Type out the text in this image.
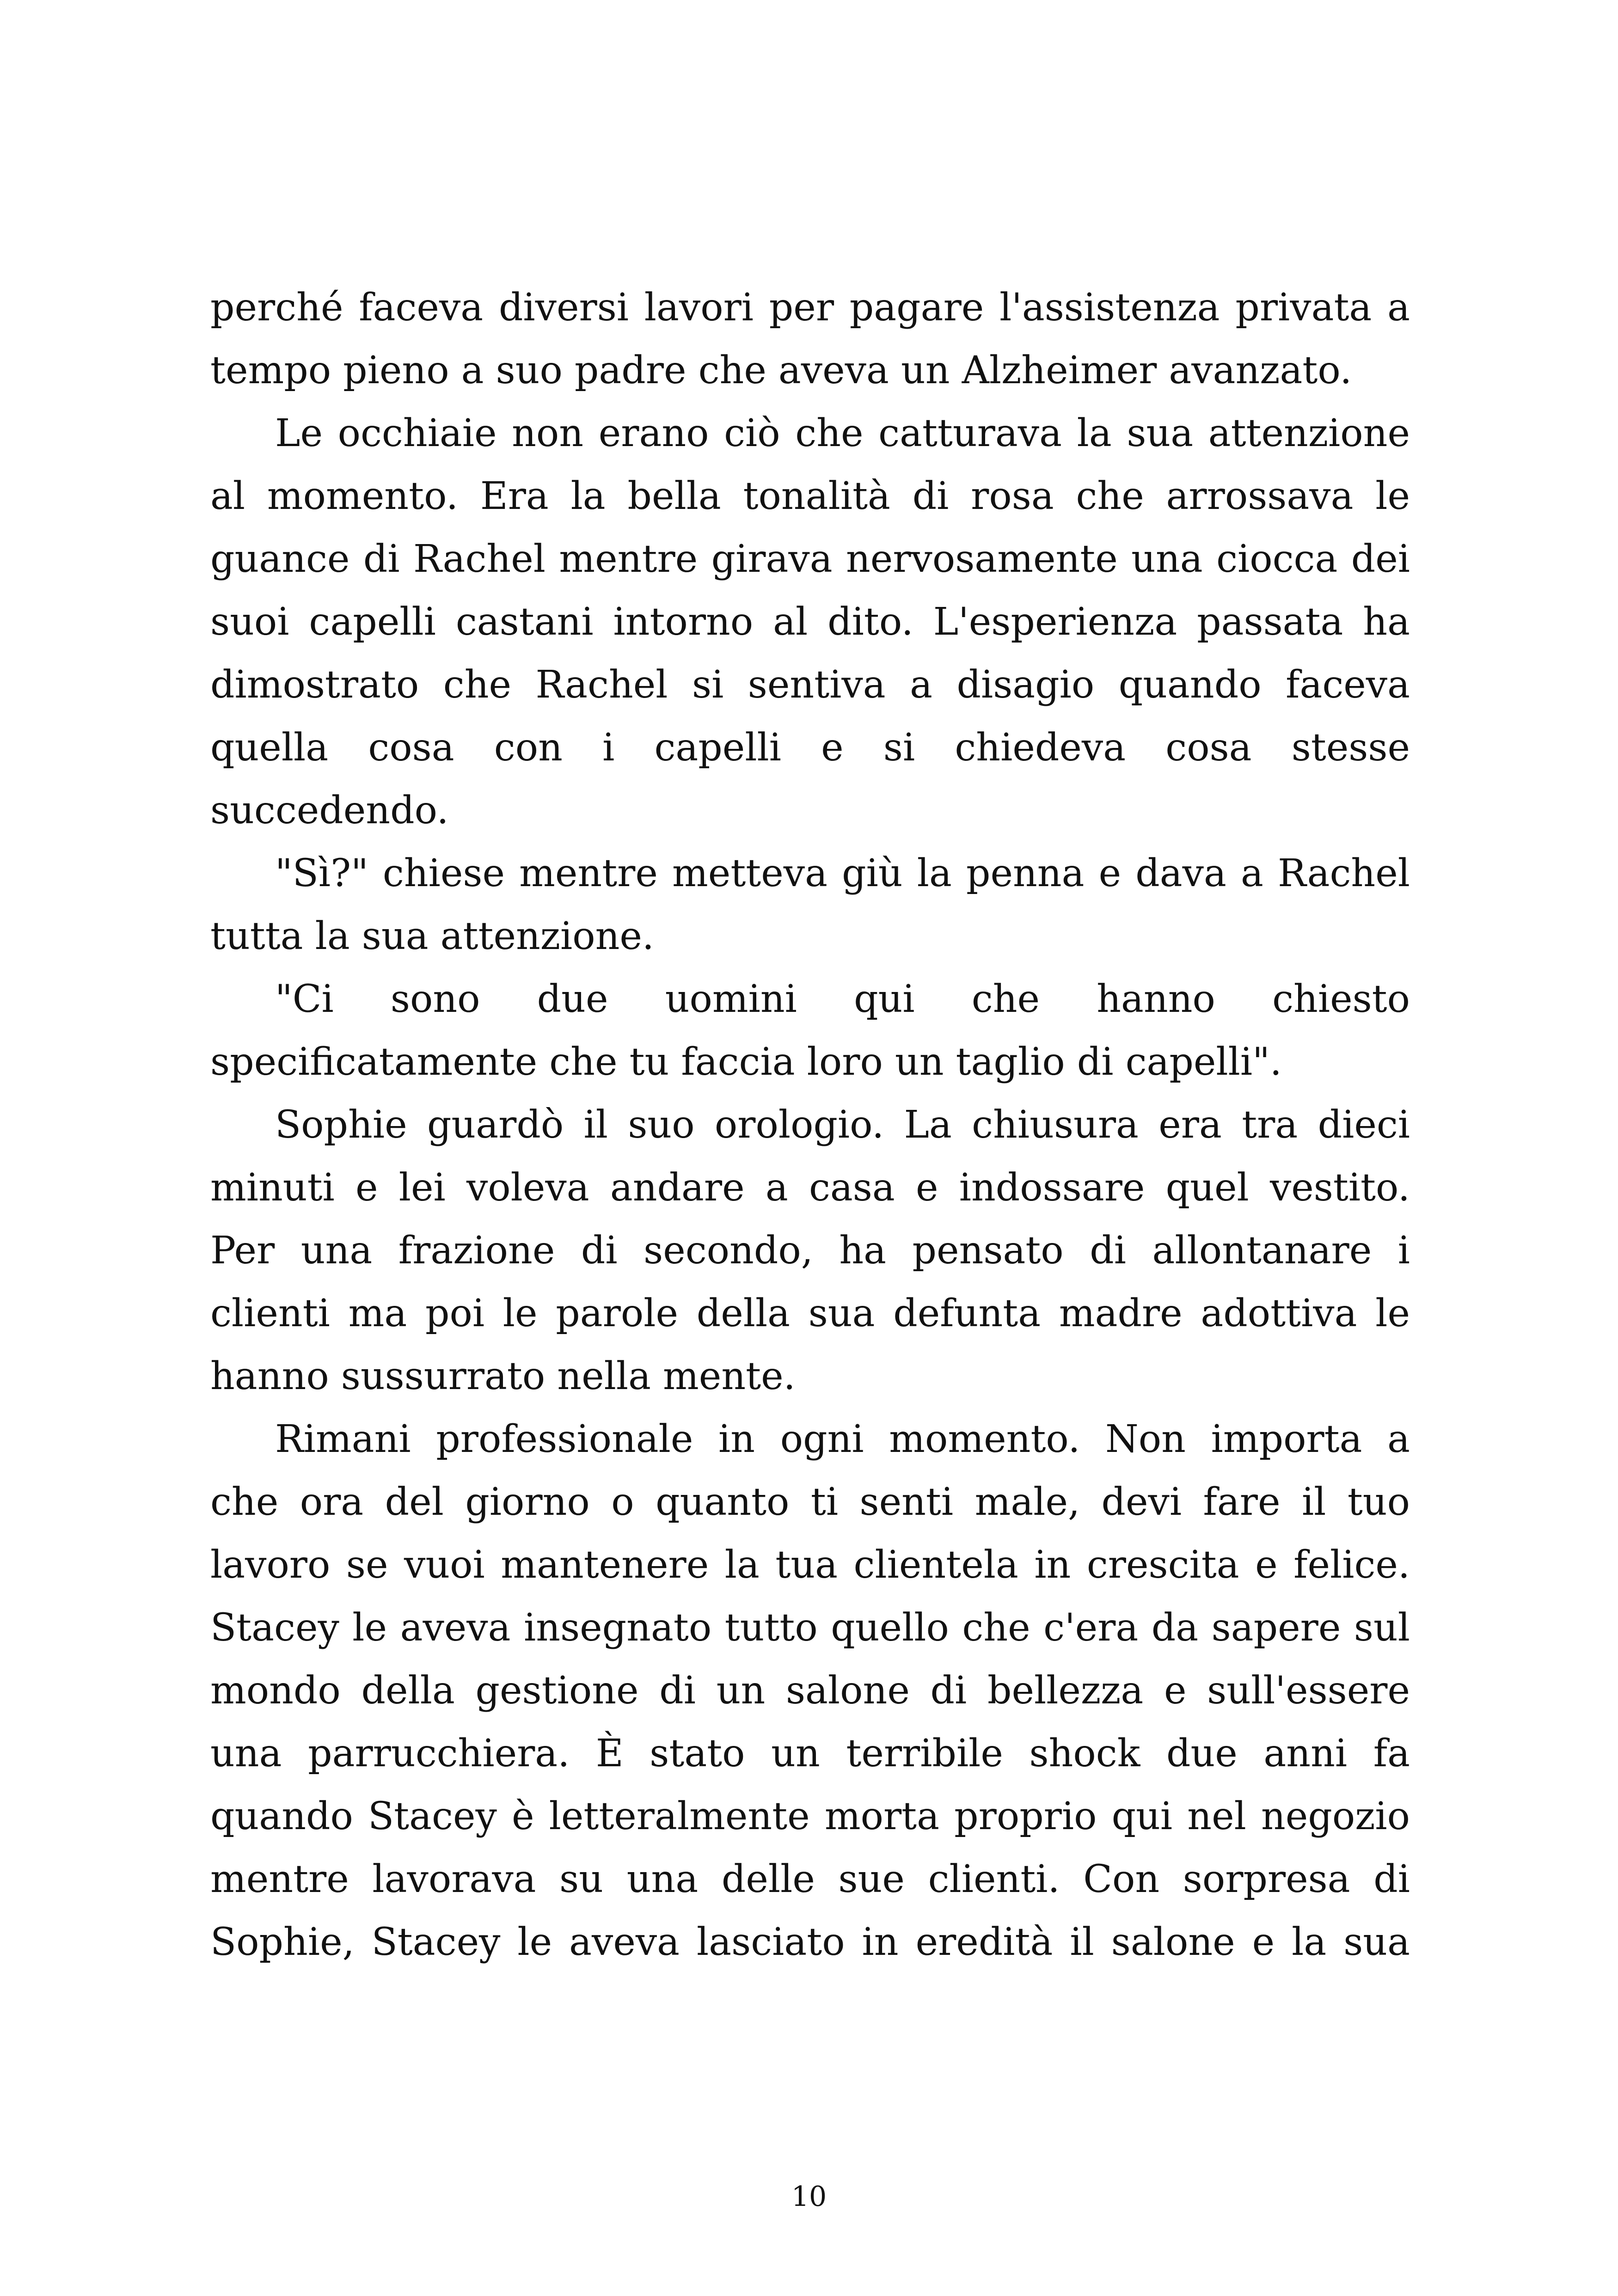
perché faceva diversi lavori per pagare l'assistenza privata a
tempo pieno a suo padre che aveva un Alzheimer avanzato.
Le occhiaie non erano ciò che catturava la sua attenzione
al momento. Era la bella tonalità di rosa che arrossava le
guance di Rachel mentre girava nervosamente una ciocca dei
suoi capelli castani intorno al dito. L'esperienza passata ha
dimostrato che Rachel si sentiva a disagio quando faceva
quella cosa con i capelli e si chiedeva cosa stesse
succedendo.
"Sì?" chiese mentre metteva giù la penna e dava a Rachel
tutta la sua attenzione.
"Ci sono due uomini qui che hanno chiesto
specificatamente che tu faccia loro un taglio di capelli".
Sophie guardò il suo orologio. La chiusura era tra dieci
minuti e lei voleva andare a casa e indossare quel vestito.
Per una frazione di secondo, ha pensato di allontanare i
clienti ma poi le parole della sua defunta madre adottiva le
hanno sussurrato nella mente.
Rimani professionale in ogni momento. Non importa a
che ora del giorno o quanto ti senti male, devi fare il tuo
lavoro se vuoi mantenere la tua clientela in crescita e felice.
Stacey le aveva insegnato tutto quello che c'era da sapere sul
mondo della gestione di un salone di bellezza e sull'essere
una parrucchiera. È stato un terribile shock due anni fa
quando Stacey è letteralmente morta proprio qui nel negozio
mentre lavorava su una delle sue clienti. Con sorpresa di
Sophie, Stacey le aveva lasciato in eredità il salone e la sua
10
